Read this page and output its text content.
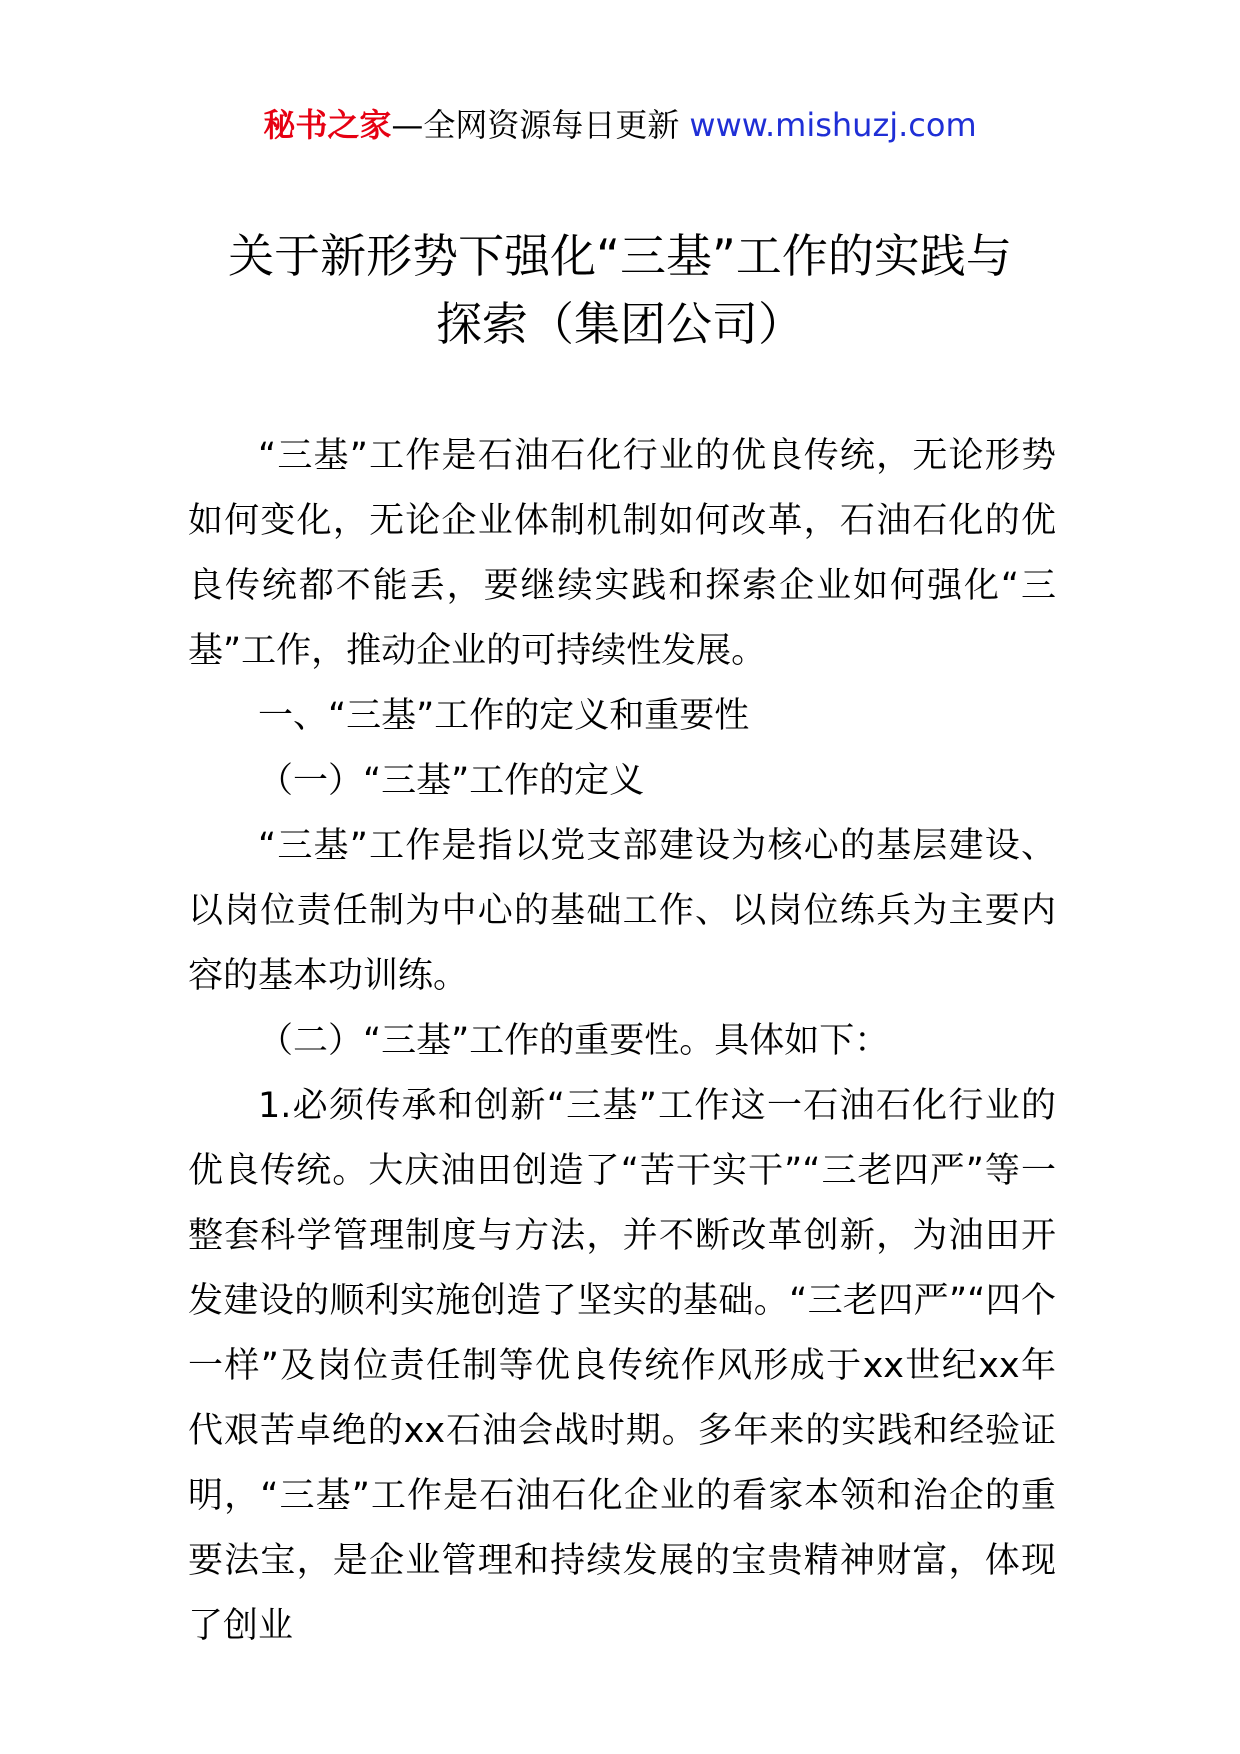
秘书之家—全网资源每日更新 www.mishuzj.com
关于新形势下强化“三基”工作的实践与
探索（集团公司）

“三基”工作是石油石化行业的优良传统，无论形势如何变化，无论企业体制机制如何改革，石油石化的优良传统都不能丢，要继续实践和探索企业如何强化“三基”工作，推动企业的可持续性发展。

一、“三基”工作的定义和重要性

（一）“三基”工作的定义

“三基”工作是指以党支部建设为核心的基层建设、以岗位责任制为中心的基础工作、以岗位练兵为主要内容的基本功训练。

（二）“三基”工作的重要性。具体如下：

1.必须传承和创新“三基”工作这一石油石化行业的优良传统。大庆油田创造了“苦干实干”“三老四严”等一整套科学管理制度与方法，并不断改革创新，为油田开发建设的顺利实施创造了坚实的基础。“三老四严”“四个一样”及岗位责任制等优良传统作风形成于xx世纪xx年代艰苦卓绝的xx石油会战时期。多年来的实践和经验证明，“三基”工作是石油石化企业的看家本领和治企的重要法宝，是企业管理和持续发展的宝贵精神财富，体现了创业
